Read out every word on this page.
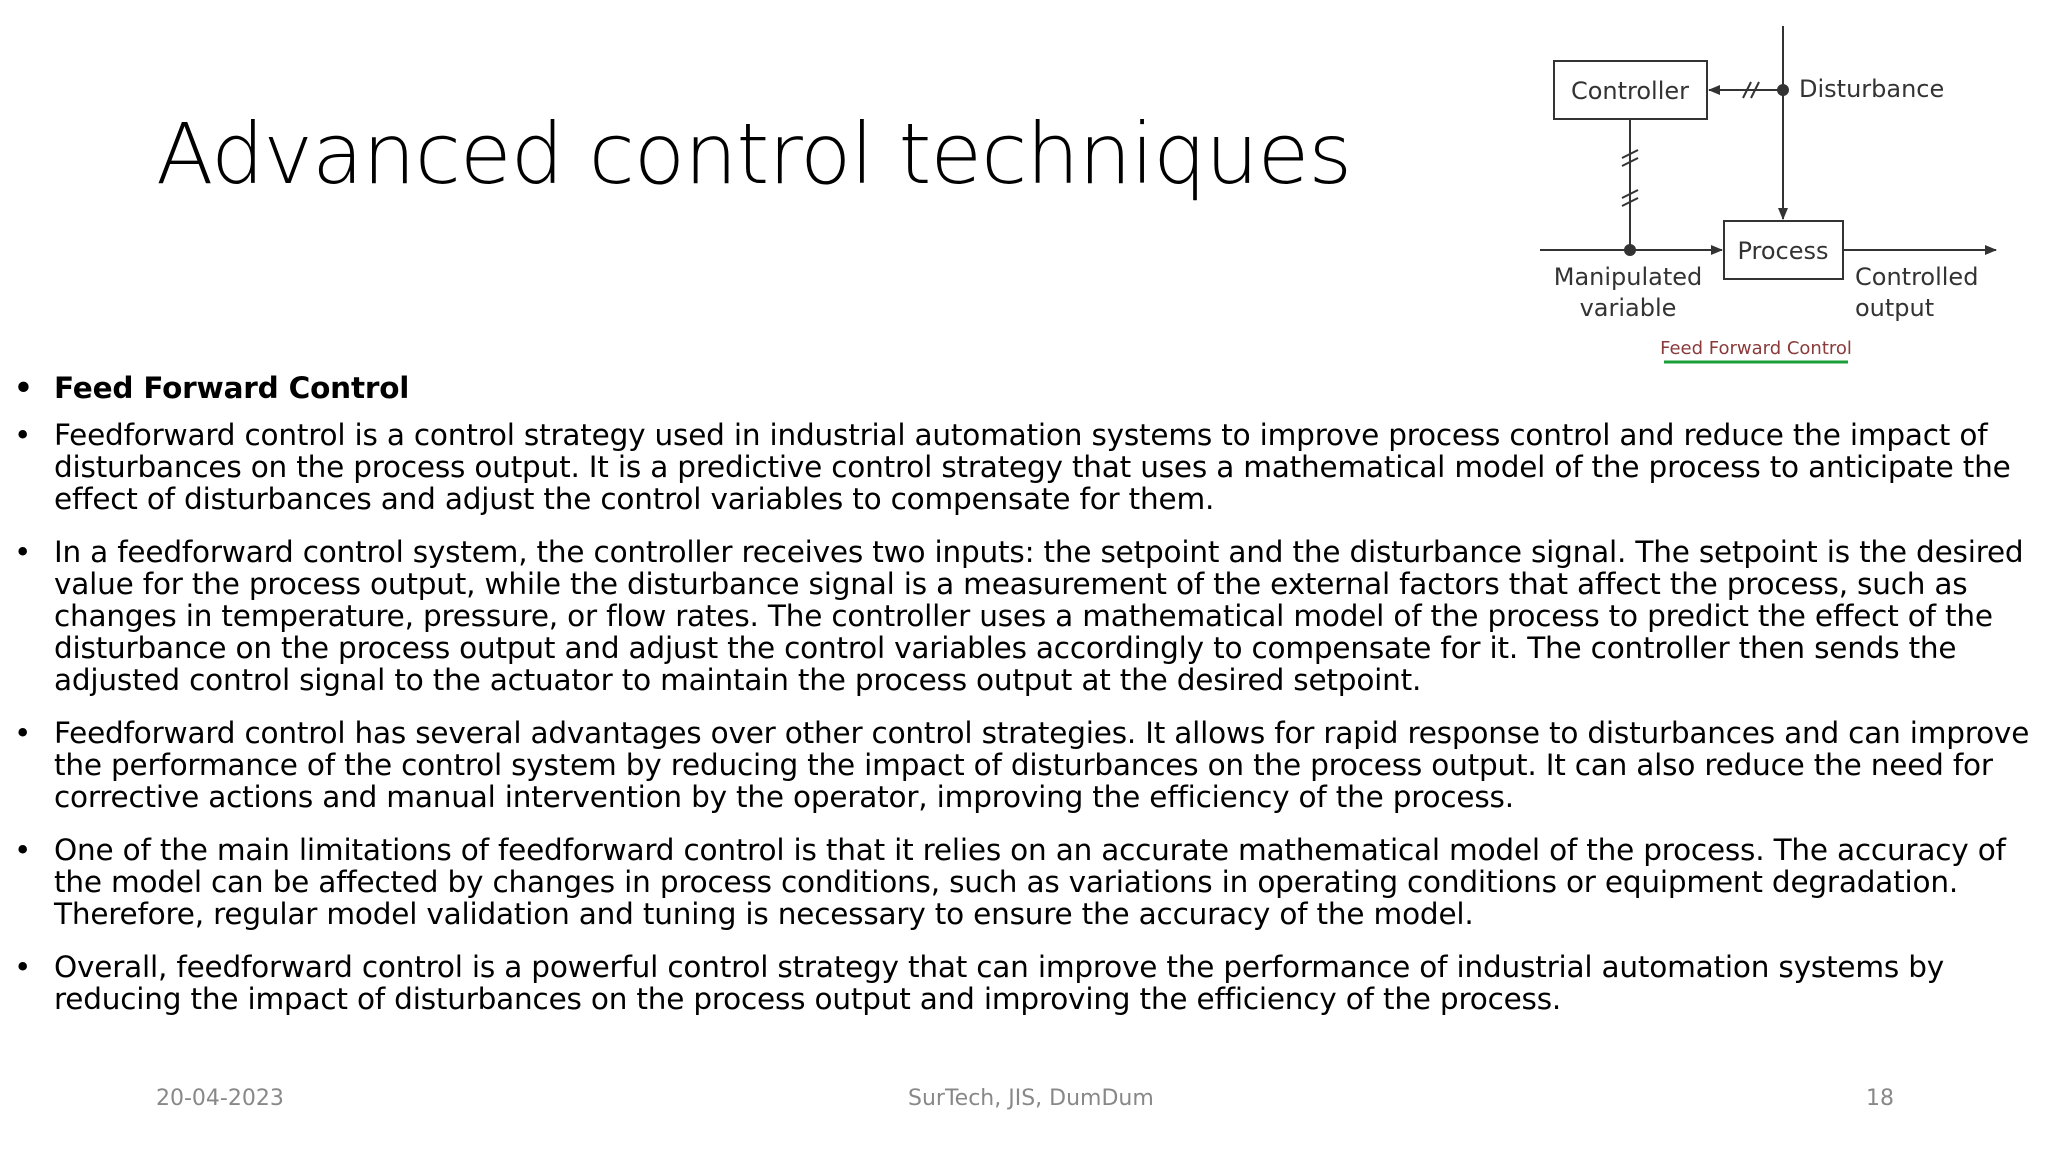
Advanced control techniques
Controller	Disturbance
Process
Manipulated
variable
Controlled
output
Feed Forward Control
• Feed Forward Control
• Feedforward control is a control strategy used in industrial automation systems to improve process control and reduce the impact of disturbances on the process output. It is a predictive control strategy that uses a mathematical model of the process to anticipate the effect of disturbances and adjust the control variables to compensate for them.
• In a feedforward control system, the controller receives two inputs: the setpoint and the disturbance signal. The setpoint is the desired value for the process output, while the disturbance signal is a measurement of the external factors that affect the process, such as changes in temperature, pressure, or flow rates. The controller uses a mathematical model of the process to predict the effect of the disturbance on the process output and adjust the control variables accordingly to compensate for it. The controller then sends the adjusted control signal to the actuator to maintain the process output at the desired setpoint.
• Feedforward control has several advantages over other control strategies. It allows for rapid response to disturbances and can improve the performance of the control system by reducing the impact of disturbances on the process output. It can also reduce the need for corrective actions and manual intervention by the operator, improving the efficiency of the process.
• One of the main limitations of feedforward control is that it relies on an accurate mathematical model of the process. The accuracy of the model can be affected by changes in process conditions, such as variations in operating conditions or equipment degradation. Therefore, regular model validation and tuning is necessary to ensure the accuracy of the model.
• Overall, feedforward control is a powerful control strategy that can improve the performance of industrial automation systems by reducing the impact of disturbances on the process output and improving the efficiency of the process.
20-04-2023	SurTech, JIS, DumDum	18
